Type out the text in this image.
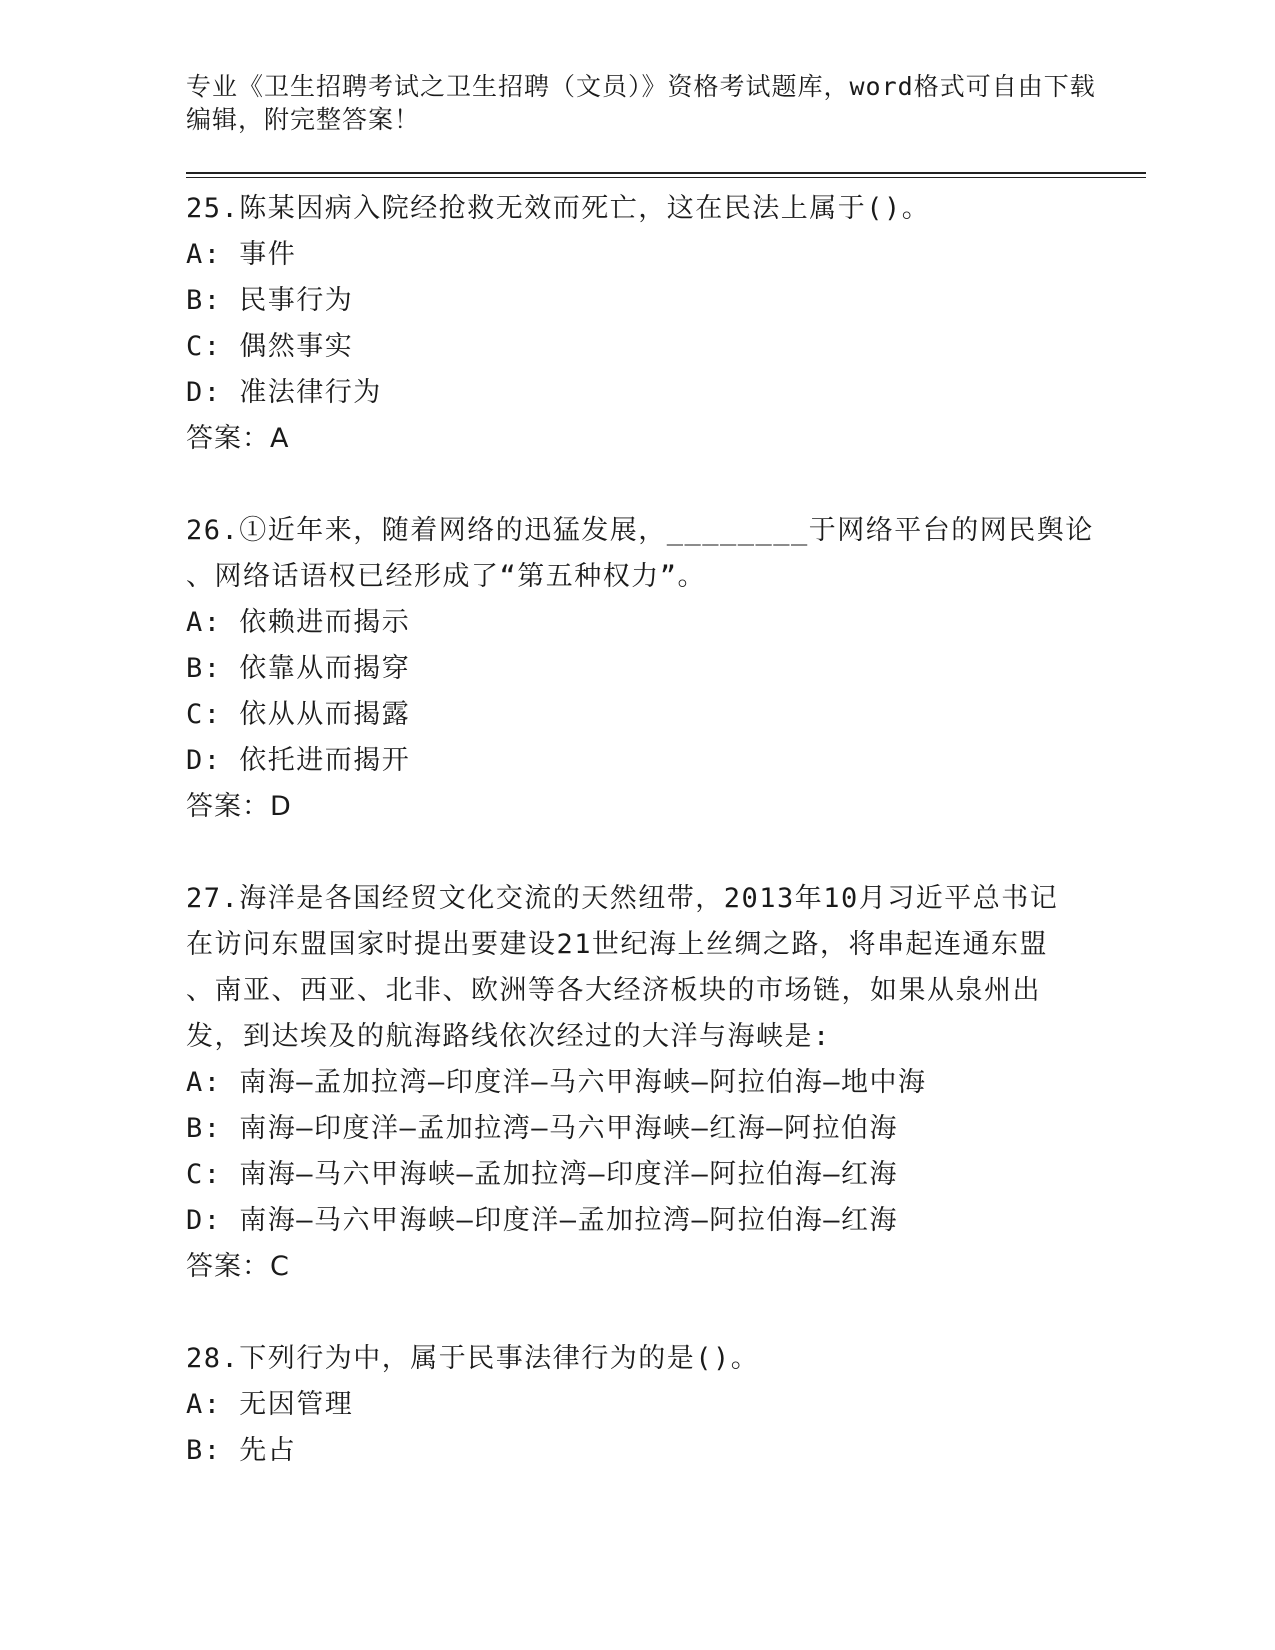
专业《卫生招聘考试之卫生招聘（文员）》资格考试题库，word格式可自由下载

编辑，附完整答案！

25.陈某因病入院经抢救无效而死亡，这在民法上属于()。

A: 事件

B: 民事行为

C: 偶然事实

D: 准法律行为

答案：A

26.①近年来，随着网络的迅猛发展，________于网络平台的网民舆论

、网络话语权已经形成了“第五种权力”。

A: 依赖进而揭示

B: 依靠从而揭穿

C: 依从从而揭露

D: 依托进而揭开

答案：D

27.海洋是各国经贸文化交流的天然纽带，2013年10月习近平总书记

在访问东盟国家时提出要建设21世纪海上丝绸之路，将串起连通东盟

、南亚、西亚、北非、欧洲等各大经济板块的市场链，如果从泉州出

发，到达埃及的航海路线依次经过的大洋与海峡是:

A: 南海—孟加拉湾—印度洋—马六甲海峡—阿拉伯海—地中海

B: 南海—印度洋—孟加拉湾—马六甲海峡—红海—阿拉伯海

C: 南海—马六甲海峡—孟加拉湾—印度洋—阿拉伯海—红海

D: 南海—马六甲海峡—印度洋—孟加拉湾—阿拉伯海—红海

答案：C

28.下列行为中，属于民事法律行为的是()。

A: 无因管理

B: 先占
